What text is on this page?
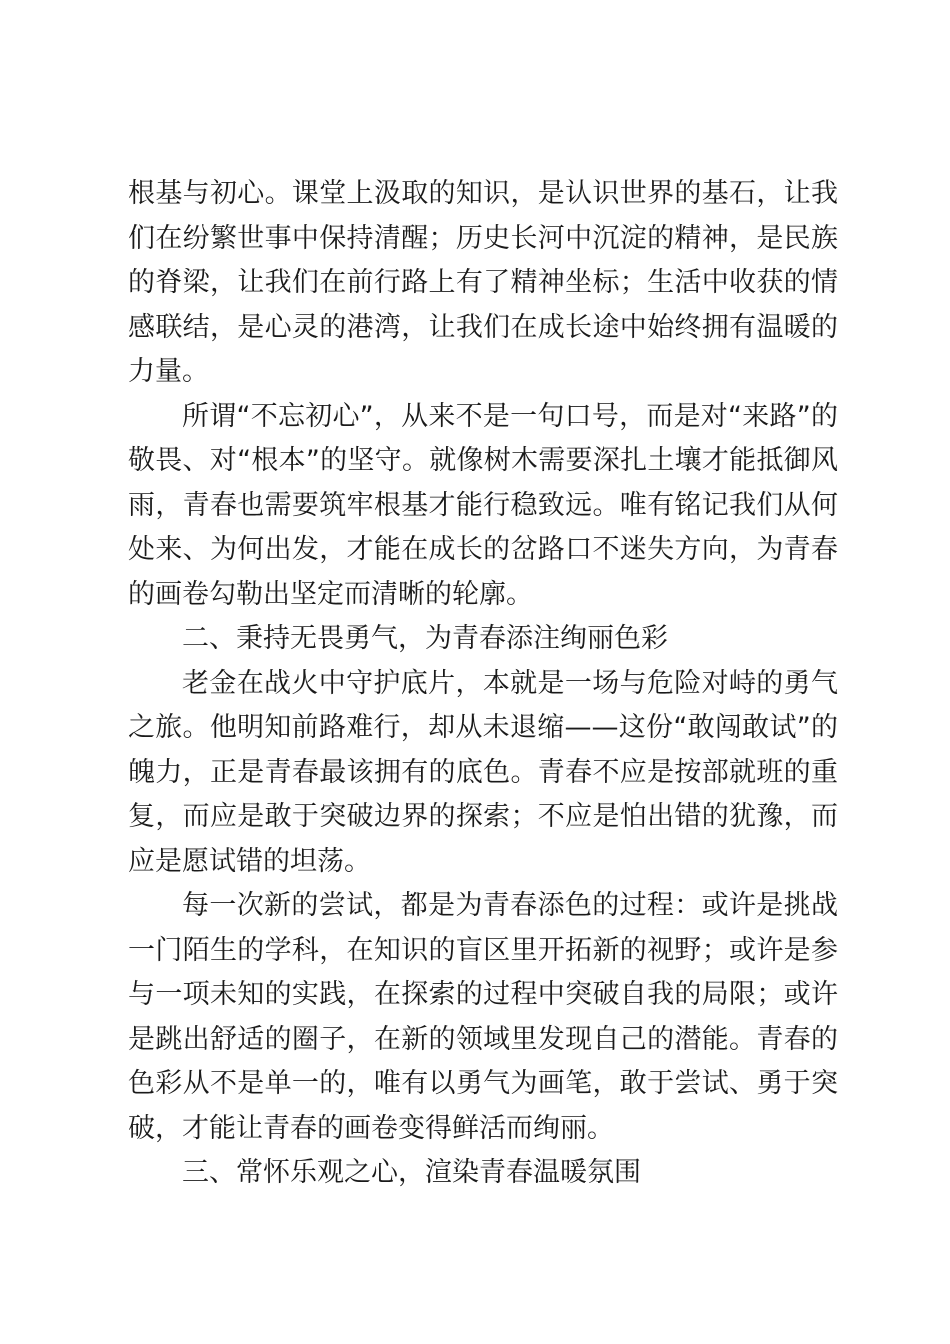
根基与初心。课堂上汲取的知识，是认识世界的基石，让我们在纷繁世事中保持清醒；历史长河中沉淀的精神，是民族的脊梁，让我们在前行路上有了精神坐标；生活中收获的情感联结，是心灵的港湾，让我们在成长途中始终拥有温暖的力量。

所谓“不忘初心”，从来不是一句口号，而是对“来路”的敬畏、对“根本”的坚守。就像树木需要深扎土壤才能抵御风雨，青春也需要筑牢根基才能行稳致远。唯有铭记我们从何处来、为何出发，才能在成长的岔路口不迷失方向，为青春的画卷勾勒出坚定而清晰的轮廓。

二、秉持无畏勇气，为青春添注绚丽色彩

老金在战火中守护底片，本就是一场与危险对峙的勇气之旅。他明知前路难行，却从未退缩——这份“敢闯敢试”的魄力，正是青春最该拥有的底色。青春不应是按部就班的重复，而应是敢于突破边界的探索；不应是怕出错的犹豫，而应是愿试错的坦荡。

每一次新的尝试，都是为青春添色的过程：或许是挑战一门陌生的学科，在知识的盲区里开拓新的视野；或许是参与一项未知的实践，在探索的过程中突破自我的局限；或许是跳出舒适的圈子，在新的领域里发现自己的潜能。青春的色彩从不是单一的，唯有以勇气为画笔，敢于尝试、勇于突破，才能让青春的画卷变得鲜活而绚丽。

三、常怀乐观之心，渲染青春温暖氛围
